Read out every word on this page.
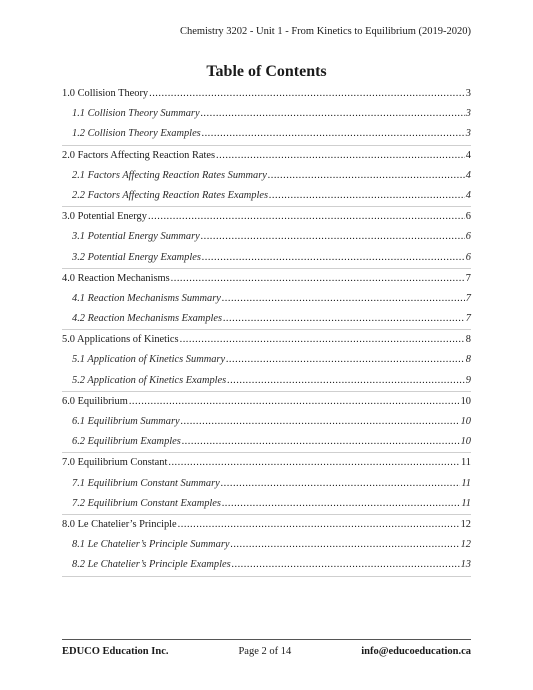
Chemistry 3202 - Unit 1 - From Kinetics to Equilibrium (2019-2020)
Table of Contents
1.0 Collision Theory .....	3
1.1 Collision Theory Summary .....	3
1.2 Collision Theory Examples .....	3
2.0 Factors Affecting Reaction Rates .....	4
2.1 Factors Affecting Reaction Rates Summary .....	4
2.2 Factors Affecting Reaction Rates Examples .....	4
3.0 Potential Energy .....	6
3.1 Potential Energy Summary .....	6
3.2 Potential Energy Examples .....	6
4.0 Reaction Mechanisms .....	7
4.1 Reaction Mechanisms Summary .....	7
4.2 Reaction Mechanisms Examples .....	7
5.0 Applications of Kinetics .....	8
5.1 Application of Kinetics Summary .....	8
5.2 Application of Kinetics Examples .....	9
6.0 Equilibrium .....	10
6.1 Equilibrium Summary .....	10
6.2 Equilibrium Examples .....	10
7.0 Equilibrium Constant .....	11
7.1 Equilibrium Constant Summary .....	11
7.2 Equilibrium Constant Examples .....	11
8.0 Le Chatelier’s Principle .....	12
8.1 Le Chatelier’s Principle Summary .....	12
8.2 Le Chatelier’s Principle Examples .....	13
EDUCO Education Inc.	Page 2 of 14	info@educoeducation.ca
